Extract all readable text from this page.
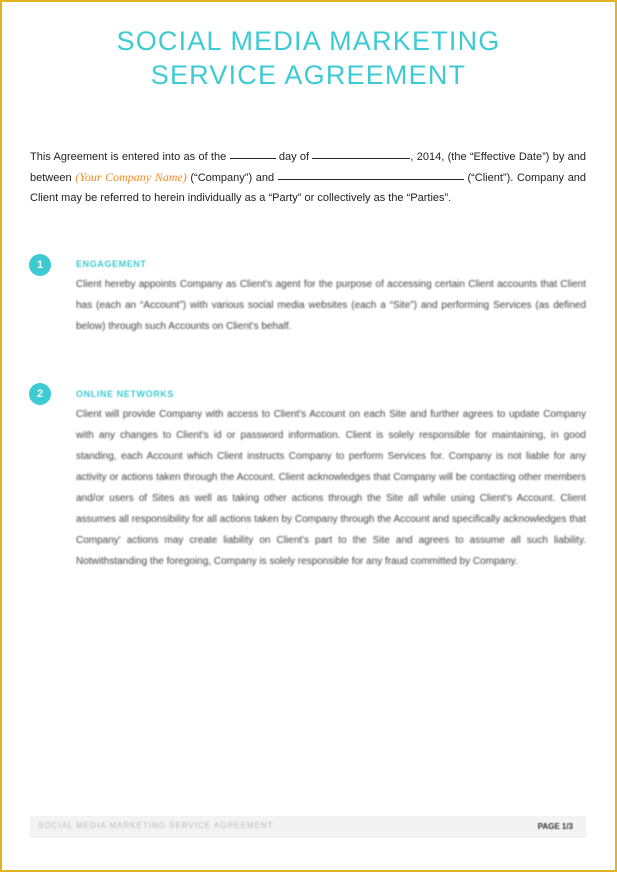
SOCIAL MEDIA MARKETING
SERVICE AGREEMENT
This Agreement is entered into as of the	day of	, 2014, (the “Effective Date”) by and between (Your Company Name) (“Company”) and	(“Client”). Company and Client may be referred to herein individually as a “Party” or collectively as the “Parties”.
1	ENGAGEMENT
Client hereby appoints Company as Client's agent for the purpose of accessing certain Client accounts that Client has (each an “Account”) with various social media websites (each a “Site”) and performing Services (as defined below) through such Accounts on Client's behalf.
2	ONLINE NETWORKS
Client will provide Company with access to Client's Account on each Site and further agrees to update Company with any changes to Client's id or password information. Client is solely responsible for maintaining, in good standing, each Account which Client instructs Company to perform Services for. Company is not liable for any activity or actions taken through the Account. Client acknowledges that Company will be contacting other members and/or users of Sites as well as taking other actions through the Site all while using Client's Account. Client assumes all responsibility for all actions taken by Company through the Account and specifically acknowledges that Company' actions may create liability on Client's part to the Site and agrees to assume all such liability. Notwithstanding the foregoing, Company is solely responsible for any fraud committed by Company.
SOCIAL MEDIA MARKETING SERVICE AGREEMENT	PAGE 1/3
